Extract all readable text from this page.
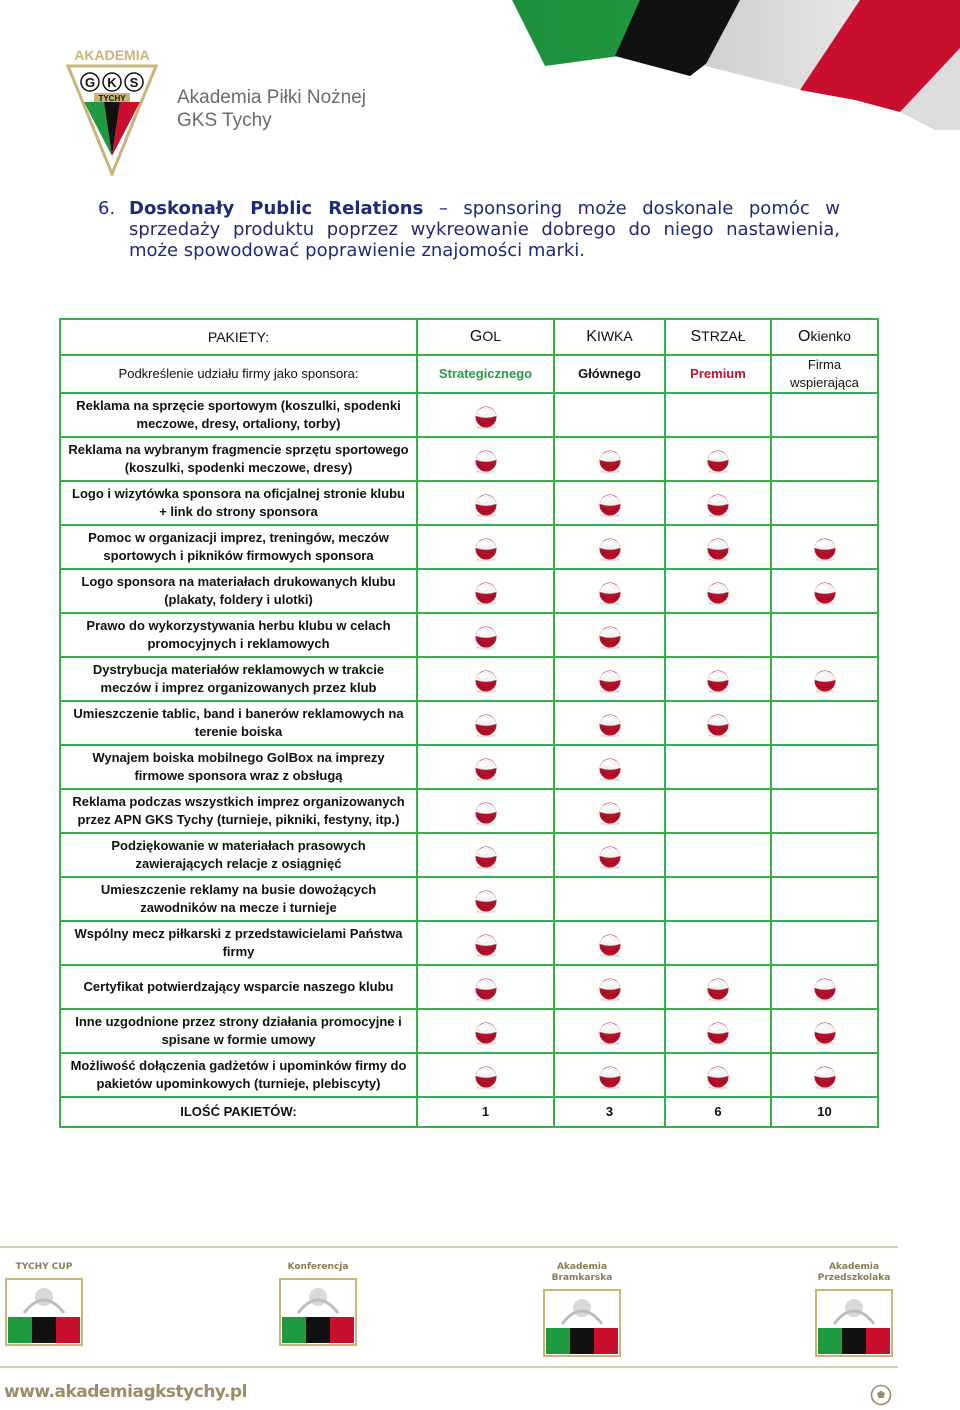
AKADEMIA
G K S
TYCHY	Akademia Piłki Nożnej
GKS Tychy
6. Doskonały Public Relations – sponsoring może doskonale pomóc w sprzedaży produktu poprzez wykreowanie dobrego do niego nastawienia, może spowodować poprawienie znajomości marki.
PAKIETY:	GOL	KIWKA	STRZAŁ	Okienko
Podkreślenie udziału firmy jako sponsora:	Strategicznego	Głównego	Premium	Firma wspierająca
Reklama na sprzęcie sportowym (koszulki, spodenki meczowe, dresy, ortaliony, torby)				
Reklama na wybranym fragmencie sprzętu sportowego (koszulki, spodenki meczowe, dresy)				
Logo i wizytówka sponsora na oficjalnej stronie klubu + link do strony sponsora				
Pomoc w organizacji imprez, treningów, meczów sportowych i pikników firmowych sponsora				
Logo sponsora na materiałach drukowanych klubu (plakaty, foldery i ulotki)				
Prawo do wykorzystywania herbu klubu w celach promocyjnych i reklamowych				
Dystrybucja materiałów reklamowych w trakcie meczów i imprez organizowanych przez klub				
Umieszczenie tablic, band i banerów reklamowych na terenie boiska				
Wynajem boiska mobilnego GolBox na imprezy firmowe sponsora wraz z obsługą				
Reklama podczas wszystkich imprez organizowanych przez APN GKS Tychy (turnieje, pikniki, festyny, itp.)				
Podziękowanie w materiałach prasowych zawierających relacje z osiągnięć				
Umieszczenie reklamy na busie dowożących zawodników na mecze i turnieje				
Wspólny mecz piłkarski z przedstawicielami Państwa firmy				
Certyfikat potwierdzający wsparcie naszego klubu				
Inne uzgodnione przez strony działania promocyjne i spisane w formie umowy				
Możliwość dołączenia gadżetów i upominków firmy do pakietów upominkowych (turnieje, plebiscyty)				
ILOŚĆ PAKIETÓW:	1	3	6	10
TYCHY CUP	Konferencja	Akademia Bramkarska
Akademia Przedszkolaka
www.akademiagkstychy.pl
